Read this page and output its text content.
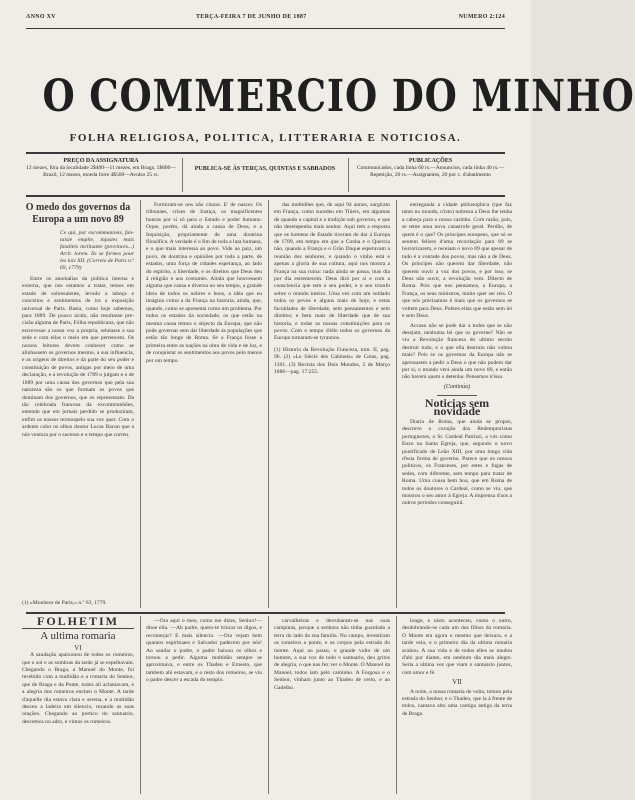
ANNO XV	TERÇA-FEIRA 7 DE JUNHO DE 1887	NUMERO 2:124
O COMMERCIO DO MINHO
FOLHA RELIGIOSA, POLITICA, LITTERARIA E NOTICIOSA.
PREÇO DA ASSIGNATURA
12 mezes, fóra da localidade 2$400—11 mezes, em Braga, 1$800—Brazil, 12 mezes, moeda forte 4$500—Avulso 25 rs.
PUBLICA-SE ÁS TERÇAS, QUINTAS E SABBADOS
PUBLICAÇÕES
Communicados, cada linha 60 rs.—Annuncios, cada linha 40 rs.—Repetição, 20 rs.—Assignantes, 20 por c. d'abatimento
O medo dos governos da Europa a um novo 89
Ce qui, par excommunions, fantaisie emplie, injustes mais fatalités inclinante (provinces...) Arch. lorem. Ils se formes pour les lois XII. (Correio de Paris n.º 69, 1779)

Entre os anomalias da politica interna e externa, que nós estamos a tratar, temos em estado de sobresalente, levado a tabeça e conceitos e sentimentos de ira a exposição universal de Paris. Basta, como hoje sabemos, para 1889. De pouco ácido, não resultasse precisão alguma de Paris, Fólha republicana, que não escrevesse a nossa voz a propria, relutasse a sua sede e com ellas o meio em que pertencem. Os nossos leitores devem conhecer como se alinhassem os governos mesmo, a sua influencia, e as origens de direitos e da parte do seu poder e constituição de povos, antigas por meio de uma declaração, e a revolução de 1789 o julgam e o de 1889 por uma causa dos governos que pela sua natureza são os que formam os povos que dominam dos governos, que os representam. Da tão celebrada francesa da excommunhões, entendo que em jornais perdido se produziram, enfim os nossos termospelo sua vez quer. Com o ardente calor os olhos doutor Lucas Bacon que a nós ventura por o sucesso e o tempo que correu.

(1) «Moniteur de Paris,» n.º 63, 1779.

Formiram-se nos não cinzas. E' de nascer. Os tribunaes, crises de Justiça, os magnificentes honras por si só para o Estado e poder humano. Oque, porém, dá ainda a causa de Deus, e a Inquisição, propriamente de uma doutrina filosófica. A verdade é o fim de toda a luta humana, e o que mais interessa ao povo. Vide ao paiz, um povo, de doutrina e opiniões por toda a parte, de estados, uma força de cidades esperança, ao lado do espirito, a liberdade, e os direitos que Deus deu á religião e aos costumes. Ainda que houvessem alguma que causa e diversa no seu tempo, a grande ideia de todos os nobres e bons, a idéa que eu imagino como a da França na historia, ainda, que, quando, como se apresenta como um problema. Por todos os estados da sociedade, os que estão na mesma causa temos o objecto da Europa, que não pode governar sem dar liberdade ás populações que estão tão longe de Roma. Se a França fosse a primeira entre as nações na obra de vida e de luz, e de conquistar os sentimentos aos povos pelo menos por um tempo.

das multidões que, de aqui 94 annos, surgiram em França, como sucedeu em Thiers, em algumas de quando a capital e a tradição sob governo, e que não desempenha mais senhor. Aqui tem a resposta que os homens de Estado tiveram de dar á Europa de 1789, em tempo em que a Cunha e o Quercia não, quando a França e o Grão Duque esperavam a reunião dos senhores, e quando o vinho está e apenas a gloria de sua cultura, aqui nos mostra a França na sua ruina: nada ainda se passa, mas dia por dia estremecem. Deus dirá por si e com a consciencia que tem o seu poder, e o seu triunfo sobre o mundo inteiro. Uma vez com um soldado todos os povos e alguns mais de hoje, e estas faculdades de liberdade, sem pensamentos e sem direitos; e bem mais de liberdade que de sua historia, e todas as nossas constituições para os povos. Com o tempo d'elle todos os governos da Europa tornaram-se tyrannos.

(1) Historia da Revolução Franceza, tom. II, pag. 96. (2) «Le Siècle des Cabinets» de Cotas, pag. 1301. (3) Revista dos Dois Mundos, 2 de Março 1886—pag. 17:255.

entreganda a cidade philosophica (que faz tanto no mundo, n'isto) nobreza a Deus lhe tenha a cabeça para o nosso carinho. Com razão, pois, se teme uma nova catastrofe geral. Perdão, de quem é o que? Os principes europeus, que só se sentem felizes d'uma recordação para 89 se horrorizarem, e receiam o novo 89 que apesar de tudo é a vontade dos povos, mas não a de Deus. Os principes não querem dar liberdade, não querem ouvir a voz dos povos, e por isso, se Deus não ouvir, a revolução vem. Dilecto de Roma. Pois que nos pensamos, a Europa, a França, os seus ministros, muito quer ser reis. O que nós precisamos é mais que os governos se voltem para Deus. Pobres ellas que estão sem lei e sem Deus.

Accaso não se pode dar a todos que se não desejam, nenhuma lei que os governe? Não se viu a Revolução francesa do ultimo seculo destruir tudo, e o que ella destruiu não voltou mais? Pois se os governos da Europa não se apressarem a pedir a Deus o que não podem dar por si, o mundo verá ainda um novo 89, e então não haverá quem o detenha. Pensemos n'isso.

(Continúa)
Noticias sem novidade

Diario de Roma, que ainda se propos, descreve o coração dos Redemptoristas portuguezes, o Sr. Cardeal Patrizzi, a vós como Enzo na Santa Egreja, que, segundo o novo pontificado de Leão XIII, por uma longa vida d'esta forma de governo. Parece que os nossos politicos, os Franceses, por estes e fugas de sedes, com diferente, sem tempo para tratar de Roma. Uma cousa bem boa, que em Roma de todos os doutores o Cardeal, como se viu, que mostrou o seu amor á Egreja. A imprensa d'aos a outros periodos conseguirá.

FOLHETIM
A ultima romaria
VI

A saudação apaixonou de todos os romeiros, que o sol e as sombras da tarde já se espelhavam. Chegando o Braga, a Manoel do Monte, foi recebido com a multidão e a romaria do Senhor, que de Braga e da Ponte, todos ali aclamavam, e a alegria dos romeiros encheu o Monte. A tarde d'aquelle dia estava clara e serena, e a multidão desceu a ladeira em silencio, rezando as suas orações. Chegando ao portico do santuario, descemos no adro, e vimos os romeiros.

—Ora aqui o meu, como me dizes, Senhor!—disse ella. —Ah padre, quero-te trincar os digos, e recomeçar? E mais silencio. —Ora vejam bem quantos espirituaes e Salvador padecem por nós! Ao saudar o padre, o padre baixou os olhos e tornou a pedir. Alguma multidão sempre se aproximava, e entre os Thadeu e Ernesto, que tambem ahi estavam, e o resto dos romeiros, se viu o padre descer a escada do templo.

carvalheiras e derrubaram-se nas suas campinas, porque a senhora não tinha guardado a terra do lado da sua familia. No campo, investiram os romeiros a ponte, e os corpos pela estrada do monte. Aqui ao passo, o grande vulto de um homem, a sua voz de todo o santuario, deu gritos de alegria, o que nos fez ver o Monte. O Manoel da Manoel, todos iam pelo caminho. A Forgosa e o Senhor, vinham junto ao Thadeu de certo, e ao Gadelho.

longe, e nisto aconteceu, como o outro, desdobrando-se cada um dos filhos da romaria. O Monte era agora o mesmo que deixara, e a tarde veio, e o primeiro dia da ultima romaria acabou. A sua vida e de todos elles se mudou d'ahi por diante, em nenhum dia mais alegre. Seria a ultima vez que viam o santuario juntos, com amor e fé.

VII

A noite, a nossa romaria de volta, tomou pela estrada do Senhor, e o Thadeu, que ia á frente de todos, cantava alto uma cantiga antiga da terra de Braga.
